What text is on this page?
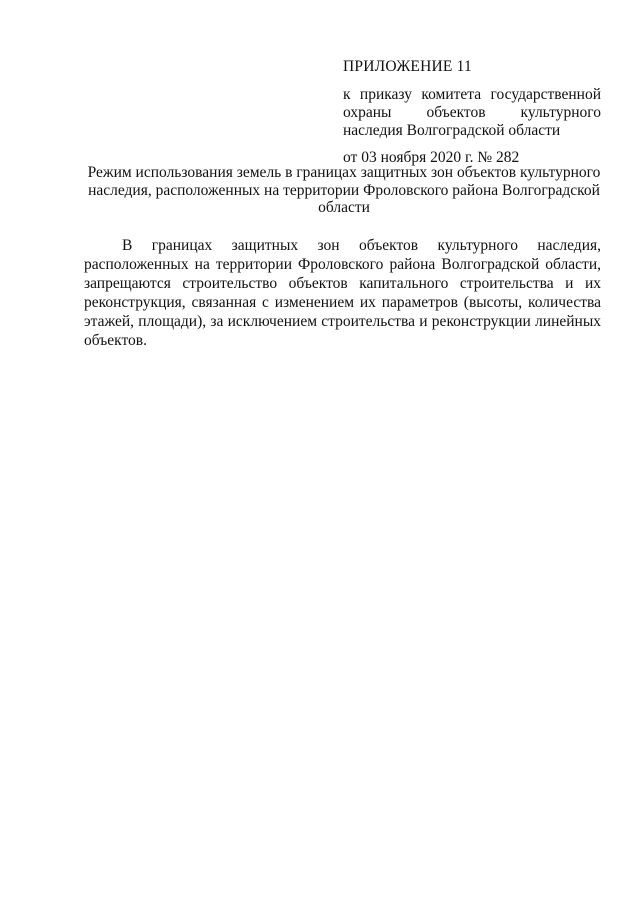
ПРИЛОЖЕНИЕ 11

к приказу комитета государственной охраны объектов культурного наследия Волгоградской области

от 03 ноября 2020 г. № 282

Режим использования земель в границах защитных зон объектов культурного наследия, расположенных на территории Фроловского района Волгоградской области

В границах защитных зон объектов культурного наследия, расположенных на территории Фроловского района Волгоградской области, запрещаются строительство объектов капитального строительства и их реконструкция, связанная с изменением их параметров (высоты, количества этажей, площади), за исключением строительства и реконструкции линейных объектов.
